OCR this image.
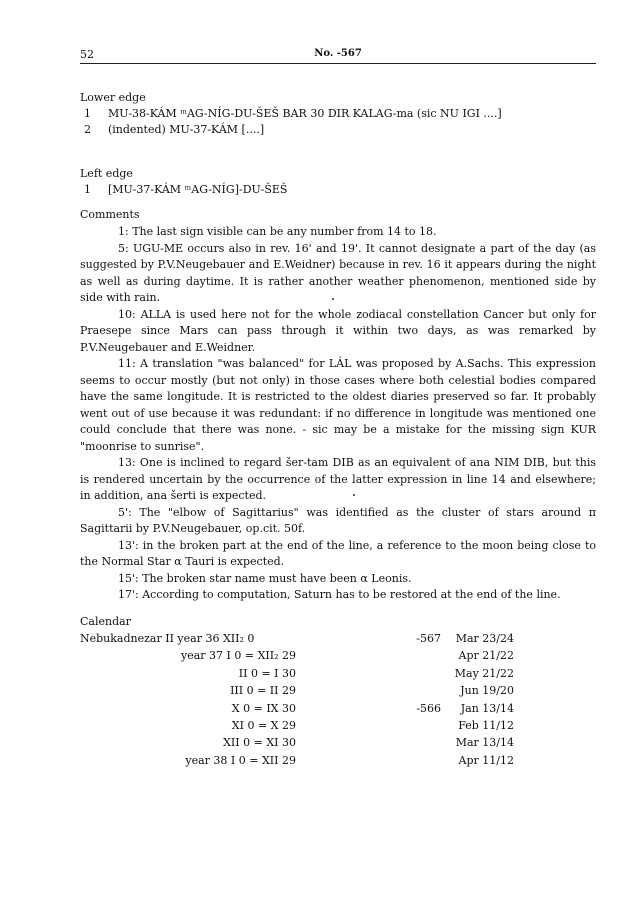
52	No. -567
Lower edge
1 MU-38-KÁM ᵐAG-NÍG-DU-ŠEŠ BAR 30 DIR KALAG-ma (sic NU IGI ....]
2 (indented) MU-37-KÁM [....]
Left edge
1 [MU-37-KÁM ᵐAG-NÍG]-DU-ŠEŠ
Comments

1: The last sign visible can be any number from 14 to 18.

5: UGU-ME occurs also in rev. 16' and 19'. It cannot designate a part of the day (as suggested by P.V.Neugebauer and E.Weidner) because in rev. 16 it appears during the night as well as during daytime. It is rather another weather phenomenon, mentioned side by side with rain.

10: ALLA is used here not for the whole zodiacal constellation Cancer but only for Praesepe since Mars can pass through it within two days, as was remarked by P.V.Neugebauer and E.Weidner.

11: A translation "was balanced" for LÁL was proposed by A.Sachs. This expression seems to occur mostly (but not only) in those cases where both celestial bodies compared have the same longitude. It is restricted to the oldest diaries preserved so far. It probably went out of use because it was redundant: if no difference in longitude was mentioned one could conclude that there was none. - sic may be a mistake for the missing sign KUR "moonrise to sunrise".

13: One is inclined to regard šer-tam DIB as an equivalent of ana NIM DIB, but this is rendered uncertain by the occurrence of the latter expression in line 14 and elsewhere; in addition, ana šerti is expected.

5': The "elbow of Sagittarius" was identified as the cluster of stars around π Sagittarii by P.V.Neugebauer, op.cit. 50f.

13': in the broken part at the end of the line, a reference to the moon being close to the Normal Star α Tauri is expected.

15': The broken star name must have been α Leonis.

17': According to computation, Saturn has to be restored at the end of the line.

Calendar
Nebukadnezar II year 36 XII₂ 0	-567 Mar 23/24
year 37 I 0 = XII₂ 29	Apr 21/22
II 0 = I 30	May 21/22
III 0 = II 29	Jun 19/20
X 0 = IX 30	-566 Jan 13/14
XI 0 = X 29	Feb 11/12
XII 0 = XI 30	Mar 13/14
year 38 I 0 = XII 29	Apr 11/12
